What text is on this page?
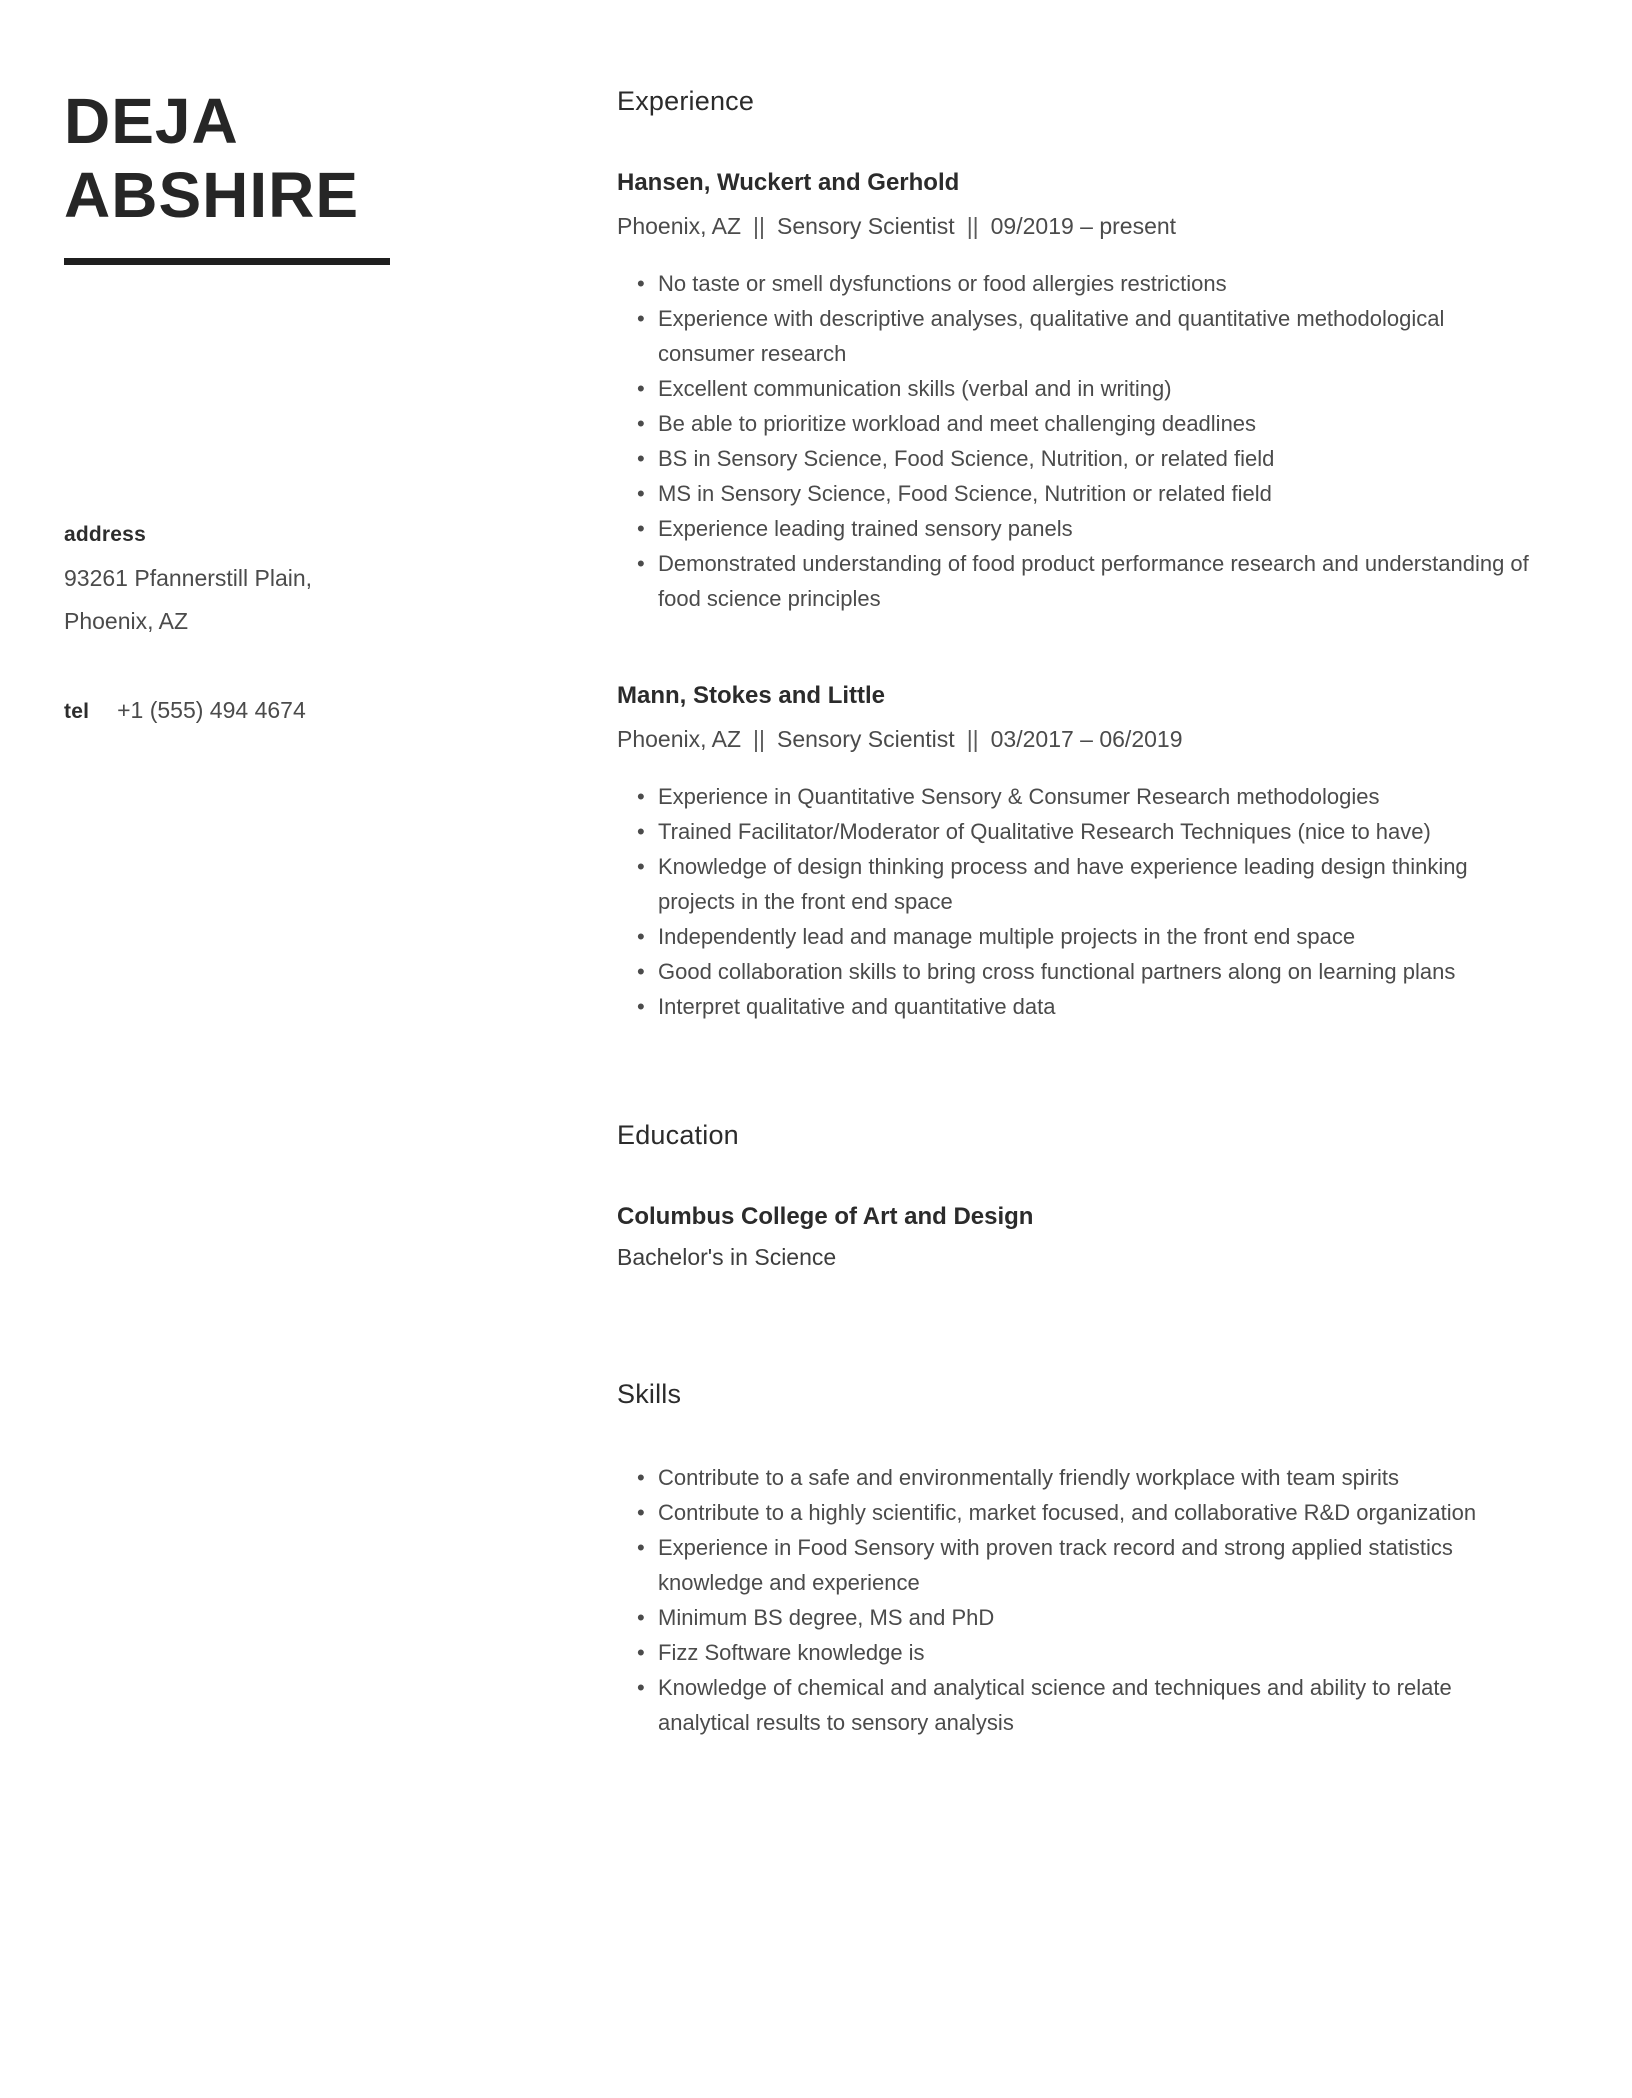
DEJA
ABSHIRE
address
93261 Pfannerstill Plain,
Phoenix, AZ
tel +1 (555) 494 4674
Experience
Hansen, Wuckert and Gerhold
Phoenix, AZ || Sensory Scientist || 09/2019 – present
• No taste or smell dysfunctions or food allergies restrictions
• Experience with descriptive analyses, qualitative and quantitative methodological consumer research
• Excellent communication skills (verbal and in writing)
• Be able to prioritize workload and meet challenging deadlines
• BS in Sensory Science, Food Science, Nutrition, or related field
• MS in Sensory Science, Food Science, Nutrition or related field
• Experience leading trained sensory panels
• Demonstrated understanding of food product performance research and understanding of food science principles
Mann, Stokes and Little
Phoenix, AZ || Sensory Scientist || 03/2017 – 06/2019
• Experience in Quantitative Sensory & Consumer Research methodologies
• Trained Facilitator/Moderator of Qualitative Research Techniques (nice to have)
• Knowledge of design thinking process and have experience leading design thinking projects in the front end space
• Independently lead and manage multiple projects in the front end space
• Good collaboration skills to bring cross functional partners along on learning plans
• Interpret qualitative and quantitative data
Education
Columbus College of Art and Design
Bachelor's in Science
Skills
• Contribute to a safe and environmentally friendly workplace with team spirits
• Contribute to a highly scientific, market focused, and collaborative R&D organization
• Experience in Food Sensory with proven track record and strong applied statistics knowledge and experience
• Minimum BS degree, MS and PhD
• Fizz Software knowledge is
• Knowledge of chemical and analytical science and techniques and ability to relate analytical results to sensory analysis
